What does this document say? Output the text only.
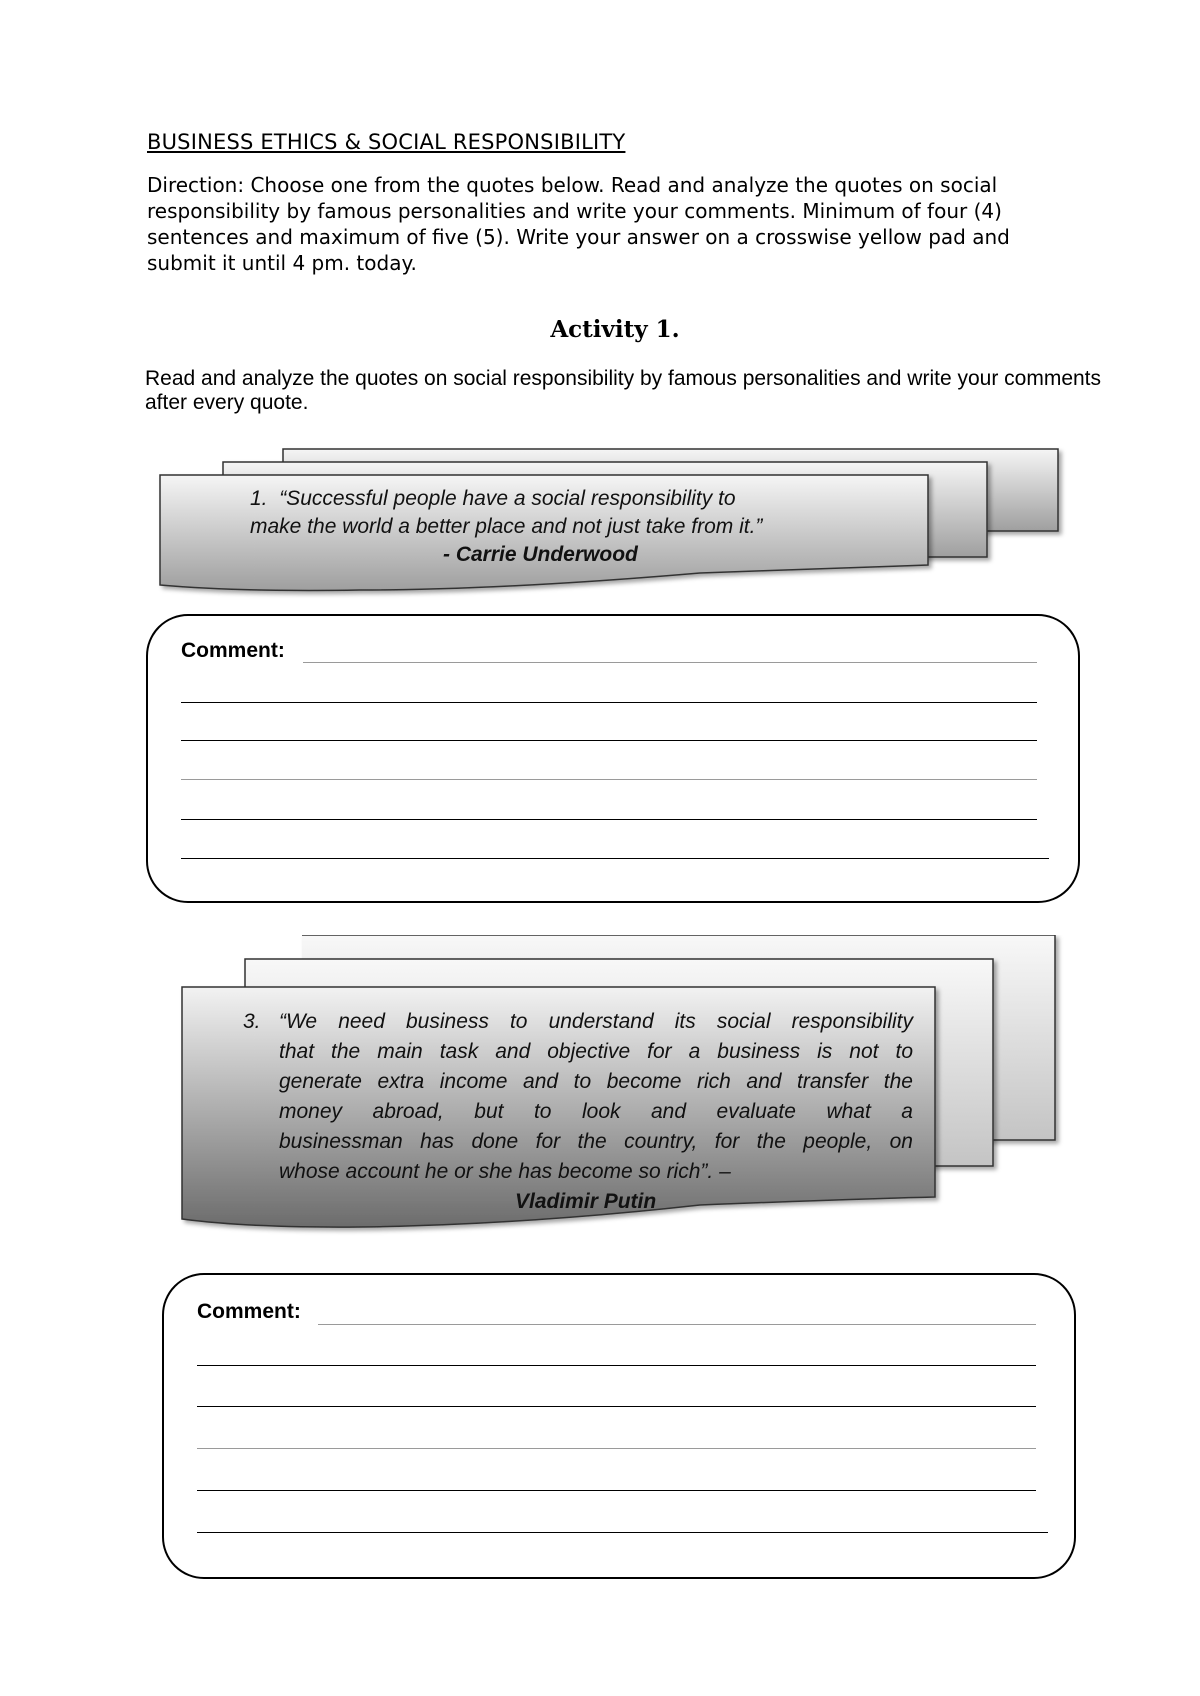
BUSINESS ETHICS & SOCIAL RESPONSIBILITY

Direction: Choose one from the quotes below. Read and analyze the quotes on social responsibility by famous personalities and write your comments. Minimum of four (4) sentences and maximum of five (5). Write your answer on a crosswise yellow pad and submit it until 4 pm. today.

Activity 1.

Read and analyze the quotes on social responsibility by famous personalities and write your comments after every quote.

1. “Successful people have a social responsibility to
make the world a better place and not just take from it.”
- Carrie Underwood
Comment:
3. “We need business to understand its social responsibility
that the main task and objective for a business is not to
generate extra income and to become rich and transfer the
money abroad, but to look and evaluate what a
businessman has done for the country, for the people, on
whose account he or she has become so rich”. –
Vladimir Putin
Comment:
